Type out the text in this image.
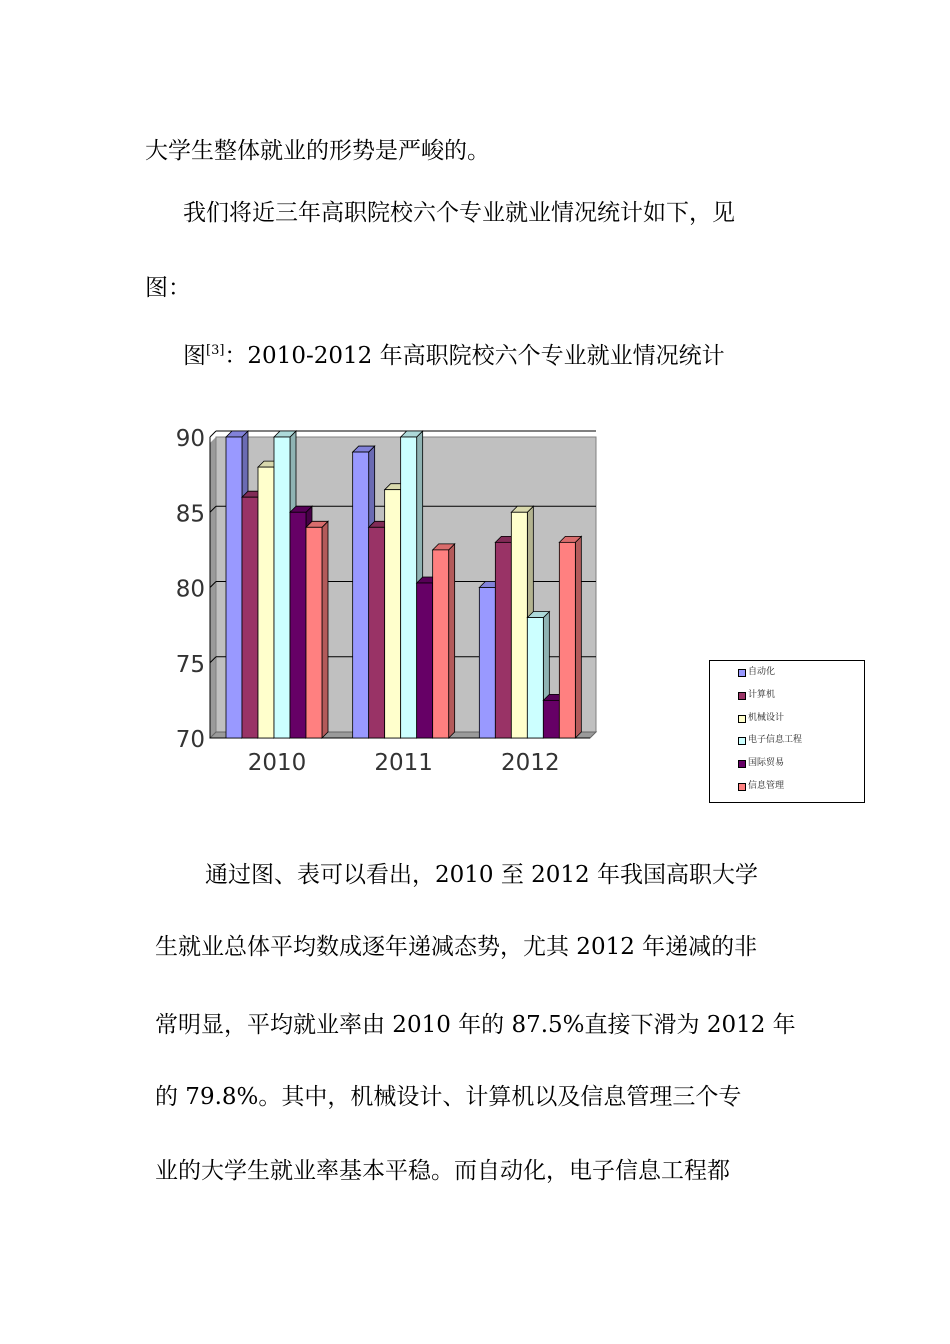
大学生整体就业的形势是严峻的。
我们将近三年高职院校六个专业就业情况统计如下，见
图：
图[3]：2010-2012 年高职院校六个专业就业情况统计
70
75
80
85
90
2010	2011	2012
自动化
计算机
机械设计
电子信息工程
国际贸易
信息管理
通过图、表可以看出，2010 至 2012 年我国高职大学
生就业总体平均数成逐年递减态势，尤其 2012 年递减的非
常明显，平均就业率由 2010 年的 87.5%直接下滑为 2012 年
的 79.8%。其中，机械设计、计算机以及信息管理三个专
业的大学生就业率基本平稳。而自动化，电子信息工程都
